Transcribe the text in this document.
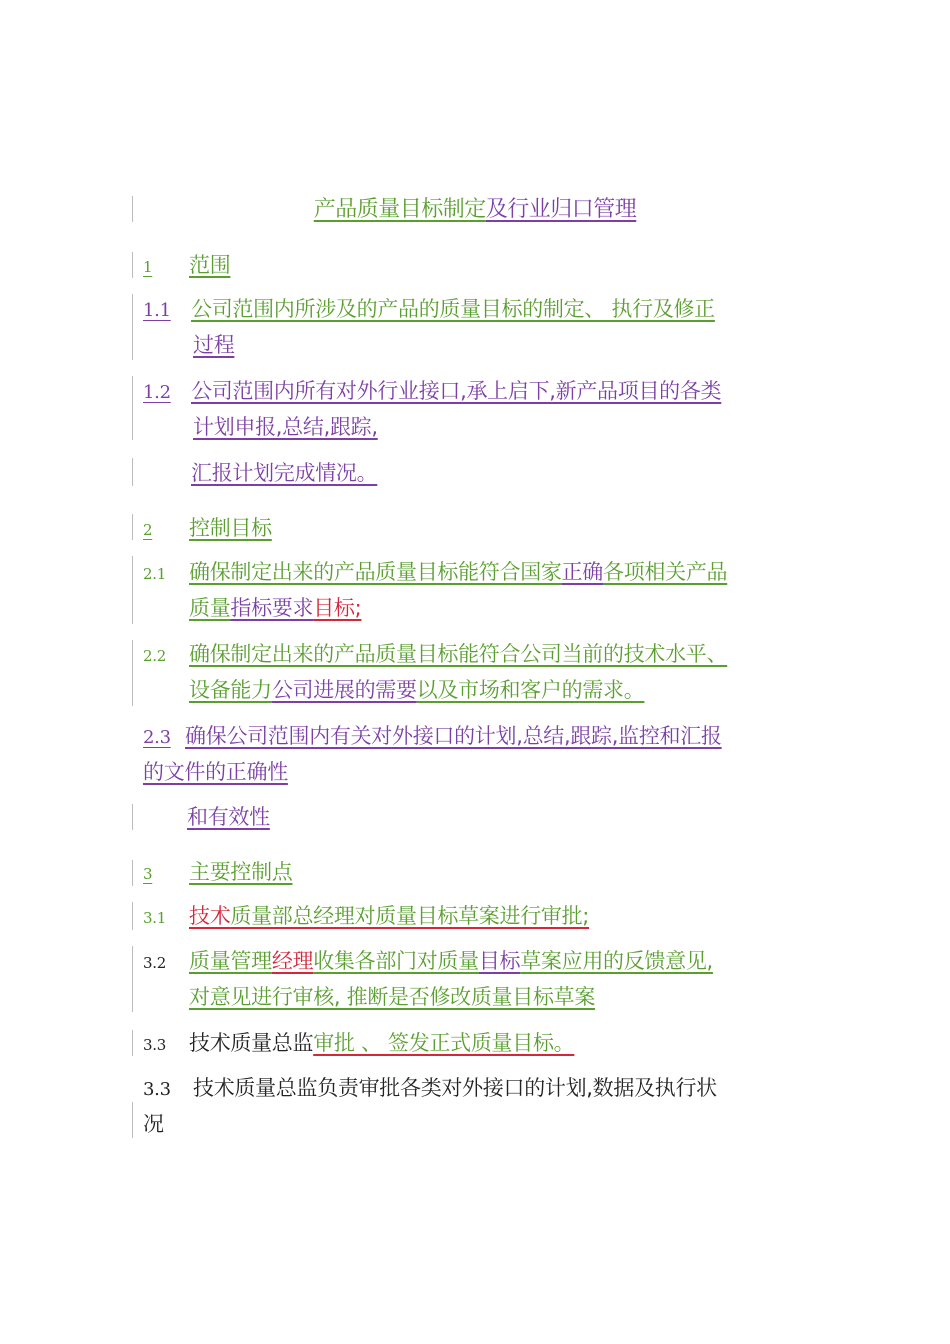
产品质量目标制定及行业归口管理
1 范围
1.1 公司范围内所涉及的产品的质量目标的制定、 执行及修正
过程
1.2 公司范围内所有对外行业接口,承上启下,新产品项目的各类
计划申报,总结,跟踪,
汇报计划完成情况。
2 控制目标
2.1 确保制定出来的产品质量目标能符合国家正确各项相关产品
质量指标要求目标;
2.2 确保制定出来的产品质量目标能符合公司当前的技术水平、
设备能力公司进展的需要以及市场和客户的需求。
2.3 确保公司范围内有关对外接口的计划,总结,跟踪,监控和汇报
的文件的正确性
和有效性
3 主要控制点
3.1 技术质量部总经理对质量目标草案进行审批;
3.2 质量管理经理收集各部门对质量目标草案应用的反馈意见,
对意见进行审核, 推断是否修改质量目标草案
3.3 技术质量总监审批 、 签发正式质量目标。
3.3 技术质量总监负责审批各类对外接口的计划,数据及执行状
况
